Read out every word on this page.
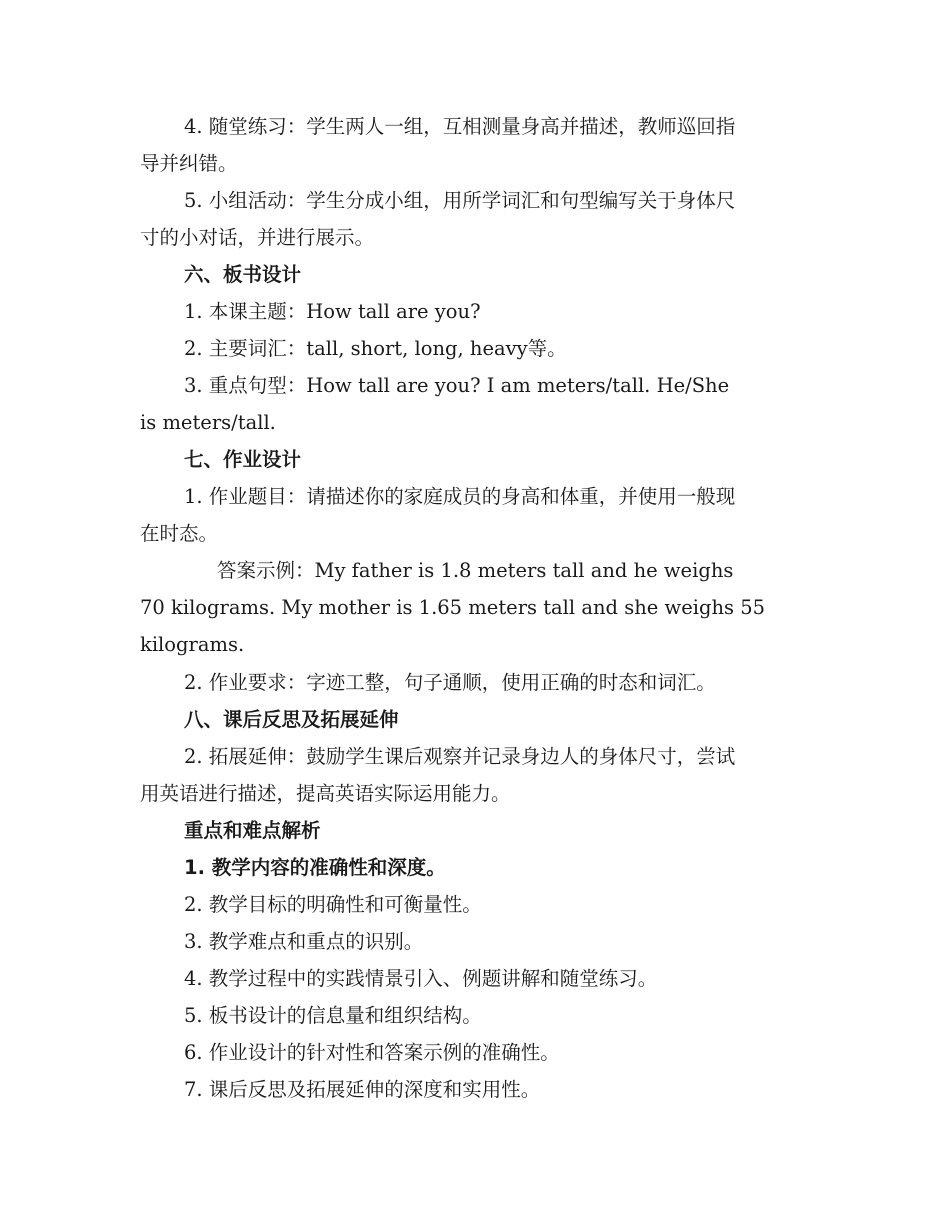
4. 随堂练习：学生两人一组，互相测量身高并描述，教师巡回指
导并纠错。
5. 小组活动：学生分成小组，用所学词汇和句型编写关于身体尺
寸的小对话，并进行展示。
六、板书设计
1. 本课主题：How tall are you?
2. 主要词汇：tall, short, long, heavy等。
3. 重点句型：How tall are you? I am meters/tall. He/She
is meters/tall.
七、作业设计
1. 作业题目：请描述你的家庭成员的身高和体重，并使用一般现
在时态。
答案示例：My father is 1.8 meters tall and he weighs
70 kilograms. My mother is 1.65 meters tall and she weighs 55
kilograms.
2. 作业要求：字迹工整，句子通顺，使用正确的时态和词汇。
八、课后反思及拓展延伸
2. 拓展延伸：鼓励学生课后观察并记录身边人的身体尺寸，尝试
用英语进行描述，提高英语实际运用能力。
重点和难点解析
1. 教学内容的准确性和深度。
2. 教学目标的明确性和可衡量性。
3. 教学难点和重点的识别。
4. 教学过程中的实践情景引入、例题讲解和随堂练习。
5. 板书设计的信息量和组织结构。
6. 作业设计的针对性和答案示例的准确性。
7. 课后反思及拓展延伸的深度和实用性。
